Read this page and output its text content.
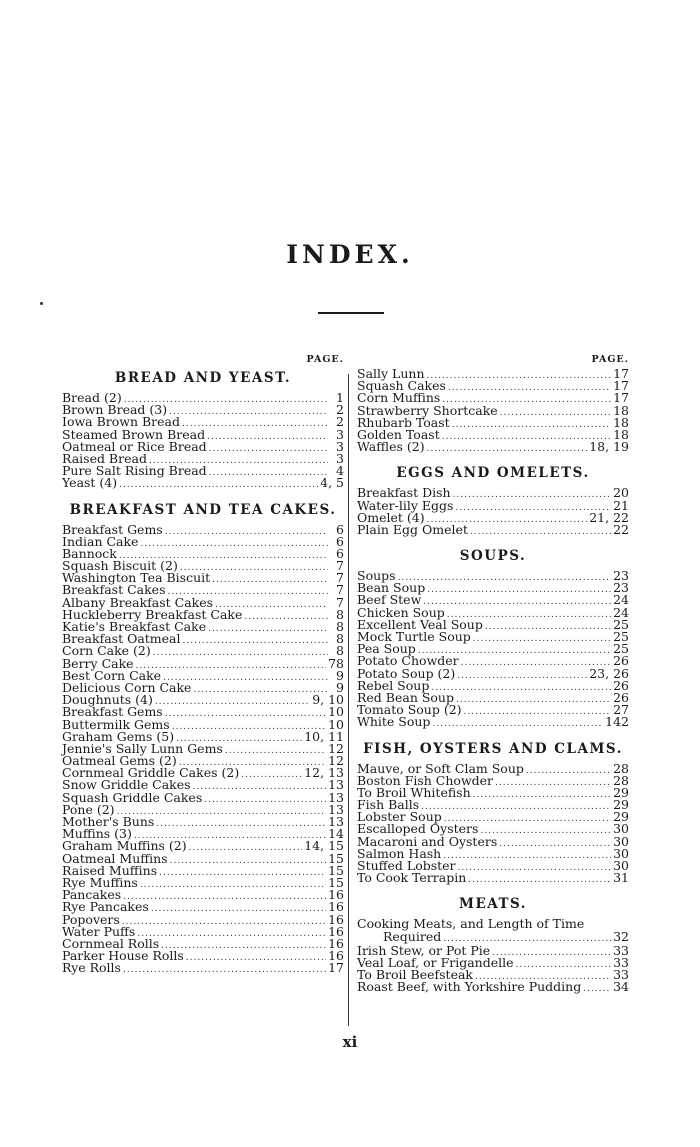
INDEX.
PAGE.
BREAD AND YEAST.
Bread (2) .....	1
Brown Bread (3) .....	2
Iowa Brown Bread .....	2
Steamed Brown Bread .....	3
Oatmeal or Rice Bread .....	3
Raised Bread .....	3
Pure Salt Rising Bread .....	4
Yeast (4) .....	4, 5
BREAKFAST AND TEA CAKES.
Breakfast Gems .....	6
Indian Cake .....	6
Bannock .....	6
Squash Biscuit (2) .....	7
Washington Tea Biscuit .....	7
Breakfast Cakes .....	7
Albany Breakfast Cakes .....	7
Huckleberry Breakfast Cake .....	8
Katie's Breakfast Cake .....	8
Breakfast Oatmeal .....	8
Corn Cake (2) .....	8
Berry Cake .....	78
Best Corn Cake .....	9
Delicious Corn Cake .....	9
Doughnuts (4) .....	9, 10
Breakfast Gems .....	10
Buttermilk Gems .....	10
Graham Gems (5) .....	10, 11
Jennie's Sally Lunn Gems .....	12
Oatmeal Gems (2) .....	12
Cornmeal Griddle Cakes (2) .....	12, 13
Snow Griddle Cakes .....	13
Squash Griddle Cakes .....	13
Pone (2) .....	13
Mother's Buns .....	13
Muffins (3) .....	14
Graham Muffins (2) .....	14, 15
Oatmeal Muffins .....	15
Raised Muffins .....	15
Rye Muffins .....	15
Pancakes .....	16
Rye Pancakes .....	16
Popovers .....	16
Water Puffs .....	16
Cornmeal Rolls .....	16
Parker House Rolls .....	16
Rye Rolls .....	17
PAGE.
Sally Lunn .....	17
Squash Cakes .....	17
Corn Muffins .....	17
Strawberry Shortcake .....	18
Rhubarb Toast .....	18
Golden Toast .....	18
Waffles (2) .....	18, 19
EGGS AND OMELETS.
Breakfast Dish .....	20
Water-lily Eggs .....	21
Omelet (4) .....	21, 22
Plain Egg Omelet .....	22
SOUPS.
Soups .....	23
Bean Soup .....	23
Beef Stew .....	24
Chicken Soup .....	24
Excellent Veal Soup .....	25
Mock Turtle Soup .....	25
Pea Soup .....	25
Potato Chowder .....	26
Potato Soup (2) .....	23, 26
Rebel Soup .....	26
Red Bean Soup .....	26
Tomato Soup (2) .....	27
White Soup .....	142
FISH, OYSTERS AND CLAMS.
Mauve, or Soft Clam Soup .....	28
Boston Fish Chowder .....	28
To Broil Whitefish .....	29
Fish Balls .....	29
Lobster Soup .....	29
Escalloped Oysters .....	30
Macaroni and Oysters .....	30
Salmon Hash .....	30
Stuffed Lobster .....	30
To Cook Terrapin .....	31
MEATS.
Cooking Meats, and Length of Time
Required .....	32
Irish Stew, or Pot Pie .....	33
Veal Loaf, or Frigandelle .....	33
To Broil Beefsteak .....	33
Roast Beef, with Yorkshire Pudding .....	34
xi
